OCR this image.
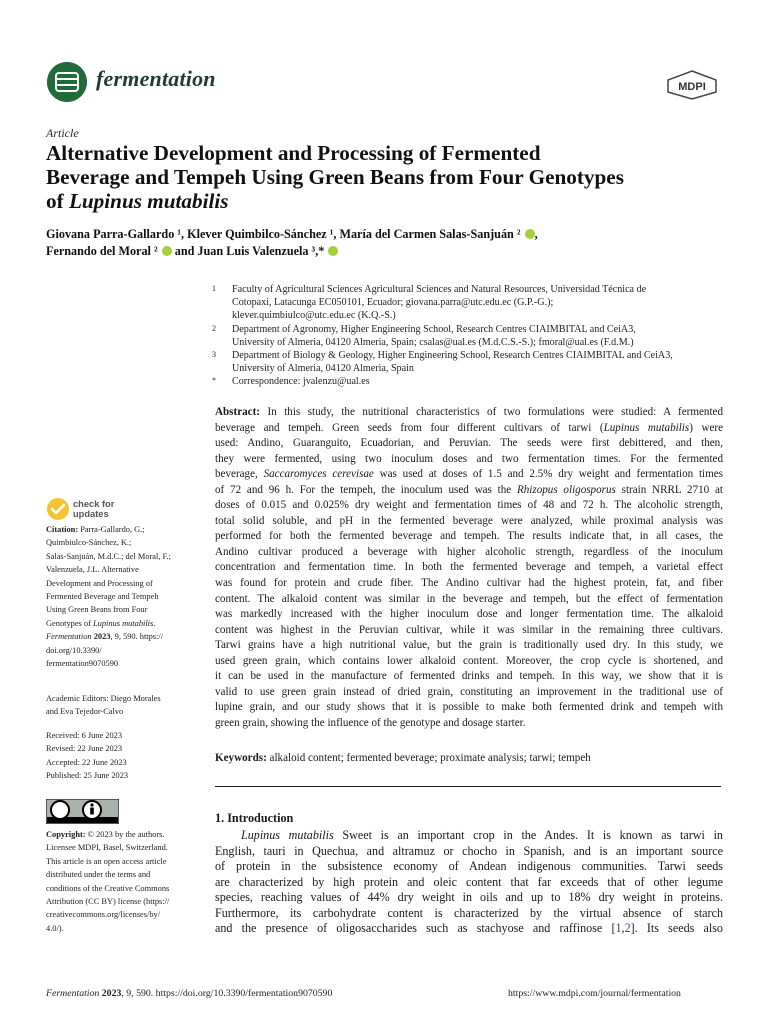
fermentation	MDPI
Article
Alternative Development and Processing of Fermented
Beverage and Tempeh Using Green Beans from Four Genotypes
of Lupinus mutabilis
Giovana Parra-Gallardo ¹, Klever Quimbilco-Sánchez ¹, María del Carmen Salas-Sanjuán ² ,
Fernando del Moral ²  and Juan Luis Valenzuela ³,*
1	Faculty of Agricultural Sciences Agricultural Sciences and Natural Resources, Universidad Técnica de
Cotopaxi, Latacunga EC050101, Ecuador; giovana.parra@utc.edu.ec (G.P.-G.);
klever.quimbiulco@utc.edu.ec (K.Q.-S.)
2	Department of Agronomy, Higher Engineering School, Research Centres CIAIMBITAL and CeiA3,
University of Almeria, 04120 Almeria, Spain; csalas@ual.es (M.d.C.S.-S.); fmoral@ual.es (F.d.M.)
3	Department of Biology & Geology, Higher Engineering School, Research Centres CIAIMBITAL and CeiA3,
University of Almeria, 04120 Almeria, Spain
*	Correspondence: jvalenzu@ual.es
Abstract: In this study, the nutritional characteristics of two formulations were studied: A fermented
beverage and tempeh. Green seeds from four different cultivars of tarwi (Lupinus mutabilis) were
used: Andino, Guaranguito, Ecuadorian, and Peruvian. The seeds were first debittered, and then,
they were fermented, using two inoculum doses and two fermentation times. For the fermented
beverage, Saccaromyces cerevisae was used at doses of 1.5 and 2.5% dry weight and fermentation times
of 72 and 96 h. For the tempeh, the inoculum used was the Rhizopus oligosporus strain NRRL 2710 at
doses of 0.015 and 0.025% dry weight and fermentation times of 48 and 72 h. The alcoholic strength,
total solid soluble, and pH in the fermented beverage were analyzed, while proximal analysis was
performed for both the fermented beverage and tempeh. The results indicate that, in all cases, the
Andino cultivar produced a beverage with higher alcoholic strength, regardless of the inoculum
concentration and fermentation time. In both the fermented beverage and tempeh, a varietal effect
was found for protein and crude fiber. The Andino cultivar had the highest protein, fat, and fiber
content. The alkaloid content was similar in the beverage and tempeh, but the effect of fermentation
was markedly increased with the higher inoculum dose and longer fermentation time. The alkaloid
content was highest in the Peruvian cultivar, while it was similar in the remaining three cultivars.
Tarwi grains have a high nutritional value, but the grain is traditionally used dry. In this study, we
used green grain, which contains lower alkaloid content. Moreover, the crop cycle is shortened, and
it can be used in the manufacture of fermented drinks and tempeh. In this way, we show that it is
valid to use green grain instead of dried grain, constituting an improvement in the traditional use of
lupine grain, and our study shows that it is possible to make both fermented drink and tempeh with
green grain, showing the influence of the genotype and dosage starter.
Keywords: alkaloid content; fermented beverage; proximate analysis; tarwi; tempeh
1. Introduction
Lupinus mutabilis Sweet is an important crop in the Andes. It is known as tarwi in
English, tauri in Quechua, and altramuz or chocho in Spanish, and is an important source
of protein in the subsistence economy of Andean indigenous communities. Tarwi seeds
are characterized by high protein and oleic content that far exceeds that of other legume
species, reaching values of 44% dry weight in oils and up to 18% dry weight in proteins.
Furthermore, its carbohydrate content is characterized by the virtual absence of starch
and the presence of oligosaccharides such as stachyose and raffinose [1,2]. Its seeds also
check for
updates
Citation: Parra-Gallardo, G.;
Quimbiulco-Sánchez, K.;
Salas-Sanjuán, M.d.C.; del Moral, F.;
Valenzuela, J.L. Alternative
Development and Processing of
Fermented Beverage and Tempeh
Using Green Beans from Four
Genotypes of Lupinus mutabilis.
Fermentation 2023, 9, 590. https://
doi.org/10.3390/
fermentation9070590
Academic Editors: Diego Morales
and Eva Tejedor-Calvo
Received: 6 June 2023
Revised: 22 June 2023
Accepted: 22 June 2023
Published: 25 June 2023
Copyright: © 2023 by the authors.
Licensee MDPI, Basel, Switzerland.
This article is an open access article
distributed under the terms and
conditions of the Creative Commons
Attribution (CC BY) license (https://
creativecommons.org/licenses/by/
4.0/).
Fermentation 2023, 9, 590. https://doi.org/10.3390/fermentation9070590	https://www.mdpi.com/journal/fermentation
